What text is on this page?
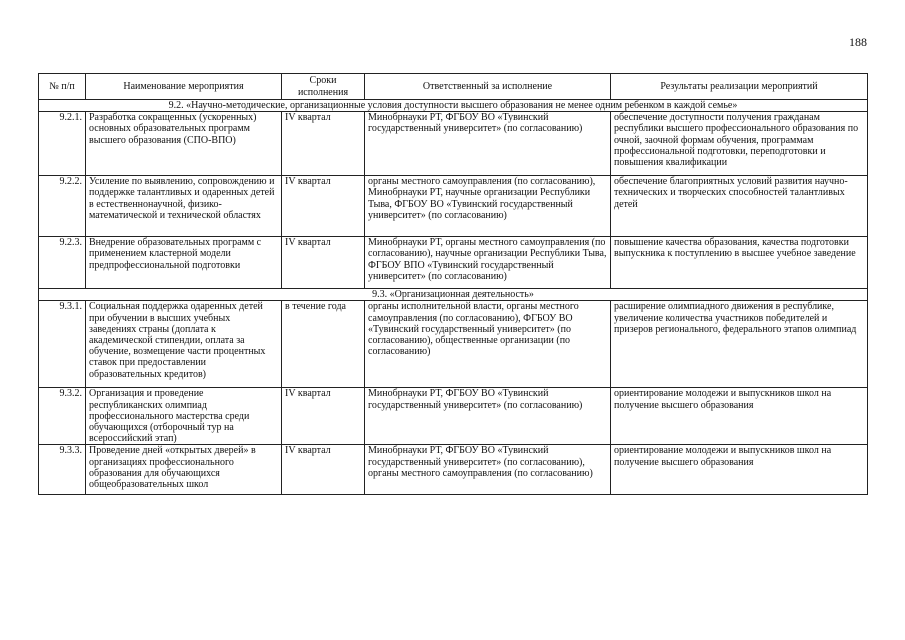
188
№ п/п	Наименование мероприятия	Сроки исполнения	Ответственный за исполнение	Результаты реализации мероприятий
9.2. «Научно-методические, организационные условия доступности высшего образования не менее одним ребенком в каждой семье»				
9.2.1.	Разработка сокращенных (ускоренных) основных образовательных программ высшего образования (СПО-ВПО)	IV квартал	Минобрнауки РТ, ФГБОУ ВО «Тувинский государственный университет» (по согласованию)	обеспечение доступности получения гражданам республики высшего профессионального образования по очной, заочной формам обучения, программам профессиональной подготовки, переподготовки и повышения квалификации
9.2.2.	Усиление по выявлению, сопровождению и поддержке талантливых и одаренных детей в естественнонаучной, физико-математической и технической областях	IV квартал	органы местного самоуправления (по согласованию), Минобрнауки РТ, научные организации Республики Тыва, ФГБОУ ВО «Тувинский государственный университет» (по согласованию)	обеспечение благоприятных условий развития научно-технических и творческих способностей талантливых детей
9.2.3.	Внедрение образовательных программ с применением кластерной модели предпрофессиональной подготовки	IV квартал	Минобрнауки РТ, органы местного самоуправления (по согласованию), научные организации Республики Тыва, ФГБОУ ВПО «Тувинский государственный университет» (по согласованию)	повышение качества образования, качества подготовки выпускника к поступлению в высшее учебное заведение
9.3. «Организационная деятельность»				
9.3.1.	Социальная поддержка одаренных детей при обучении в высших учебных заведениях страны (доплата к академической стипендии, оплата за обучение, возмещение части процентных ставок при предоставлении образовательных кредитов)	в течение года	органы исполнительной власти, органы местного самоуправления (по согласованию), ФГБОУ ВО «Тувинский государственный университет» (по согласованию), общественные организации (по согласованию)	расширение олимпиадного движения в республике, увеличение количества участников победителей и призеров регионального, федерального этапов олимпиад
9.3.2.	Организация и проведение республиканских олимпиад профессионального мастерства среди обучающихся (отборочный тур на всероссийский этап)	IV квартал	Минобрнауки РТ, ФГБОУ ВО «Тувинский государственный университет» (по согласованию)	ориентирование молодежи и выпускников школ на получение высшего образования
9.3.3.	Проведение дней «открытых дверей» в организациях профессионального образования для обучающихся общеобразовательных школ	IV квартал	Минобрнауки РТ, ФГБОУ ВО «Тувинский государственный университет» (по согласованию), органы местного самоуправления (по согласованию)	ориентирование молодежи и выпускников школ на получение высшего образования
